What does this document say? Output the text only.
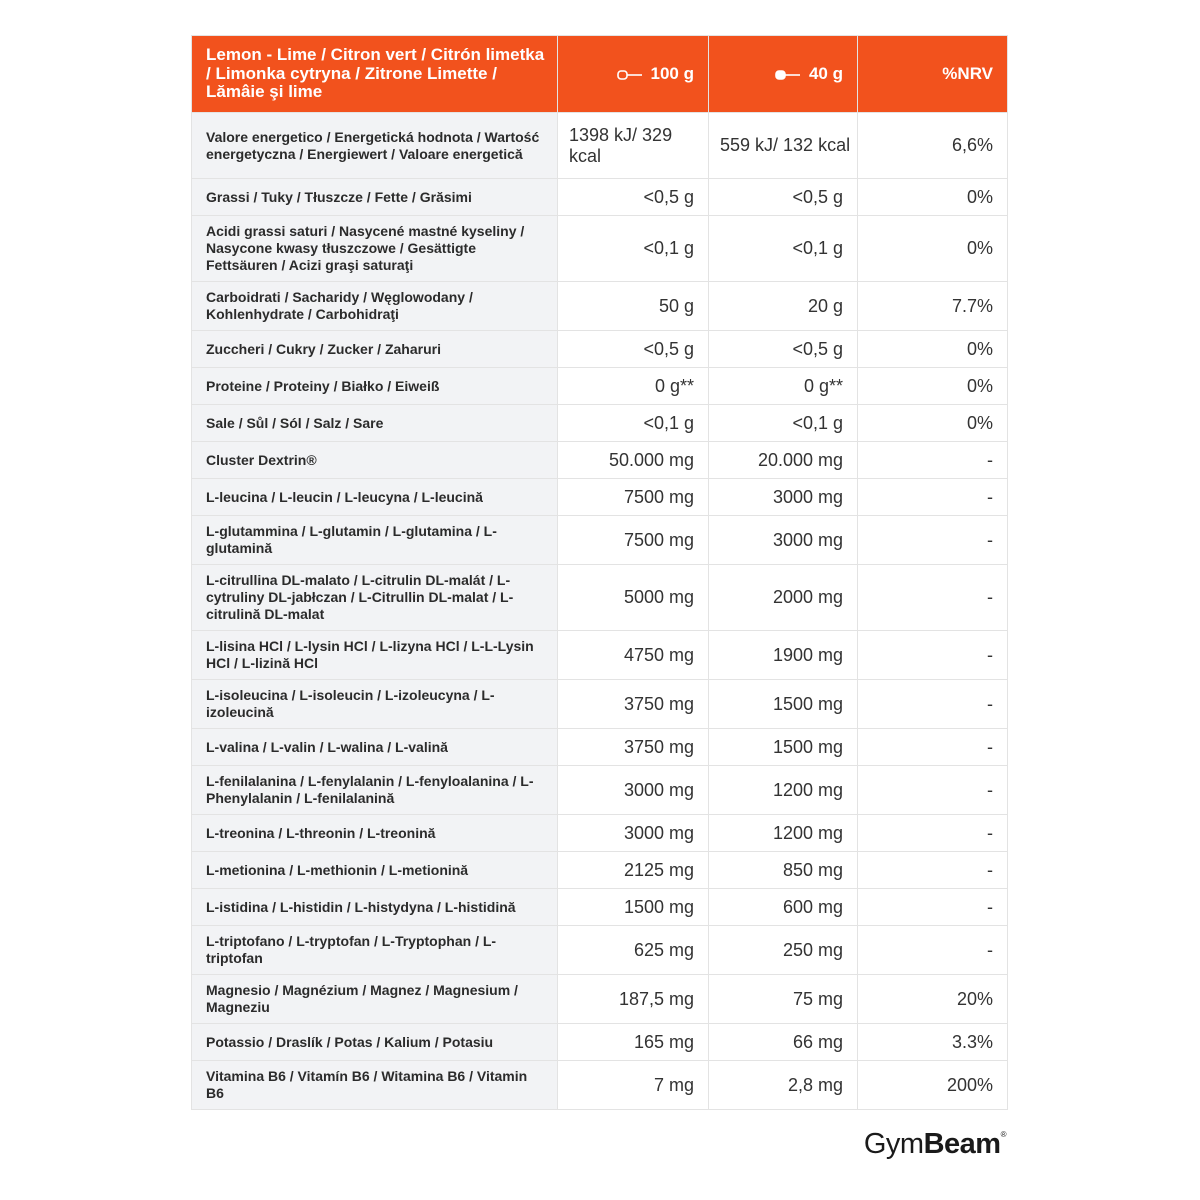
Lemon - Lime / Citron vert / Citrón limetka / Limonka cytryna / Zitrone Limette / Lămâie şi lime	100 g	40 g	%NRV
Valore energetico / Energetická hodnota / Wartość energetyczna / Energiewert / Valoare energetică	1398 kJ/ 329 kcal	559 kJ/ 132 kcal	6,6%
Grassi / Tuky / Tłuszcze / Fette / Grăsimi	<0,5 g	<0,5 g	0%
Acidi grassi saturi / Nasycené mastné kyseliny / Nasycone kwasy tłuszczowe / Gesättigte Fettsäuren / Acizi graşi saturaţi	<0,1 g	<0,1 g	0%
Carboidrati / Sacharidy / Węglowodany / Kohlenhydrate / Carbohidraţi	50 g	20 g	7.7%
Zuccheri / Cukry / Zucker / Zaharuri	<0,5 g	<0,5 g	0%
Proteine / Proteiny / Białko / Eiweiß	0 g**	0 g**	0%
Sale / Sůl / Sól / Salz / Sare	<0,1 g	<0,1 g	0%
Cluster Dextrin®	50.000 mg	20.000 mg	-
L-leucina / L-leucin / L-leucyna / L-leucină	7500 mg	3000 mg	-
L-glutammina / L-glutamin / L-glutamina / L-glutamină	7500 mg	3000 mg	-
L-citrullina DL-malato / L-citrulin DL-malát / L-cytruliny DL-jabłczan / L-Citrullin DL-malat / L-citrulină DL-malat	5000 mg	2000 mg	-
L-lisina HCl / L-lysin HCl / L-lizyna HCl / L-L-Lysin HCl / L-lizină HCl	4750 mg	1900 mg	-
L-isoleucina / L-isoleucin / L-izoleucyna / L-izoleucină	3750 mg	1500 mg	-
L-valina / L-valin / L-walina / L-valină	3750 mg	1500 mg	-
L-fenilalanina / L-fenylalanin / L-fenyloalanina / L-Phenylalanin / L-fenilalanină	3000 mg	1200 mg	-
L-treonina / L-threonin / L-treonină	3000 mg	1200 mg	-
L-metionina / L-methionin / L-metionină	2125 mg	850 mg	-
L-istidina / L-histidin / L-histydyna / L-histidină	1500 mg	600 mg	-
L-triptofano / L-tryptofan / L-Tryptophan / L-triptofan	625 mg	250 mg	-
Magnesio / Magnézium / Magnez / Magnesium / Magneziu	187,5 mg	75 mg	20%
Potassio / Draslík / Potas / Kalium / Potasiu	165 mg	66 mg	3.3%
Vitamina B6 / Vitamín B6 / Witamina B6 / Vitamin B6	7 mg	2,8 mg	200%
GymBeam®
